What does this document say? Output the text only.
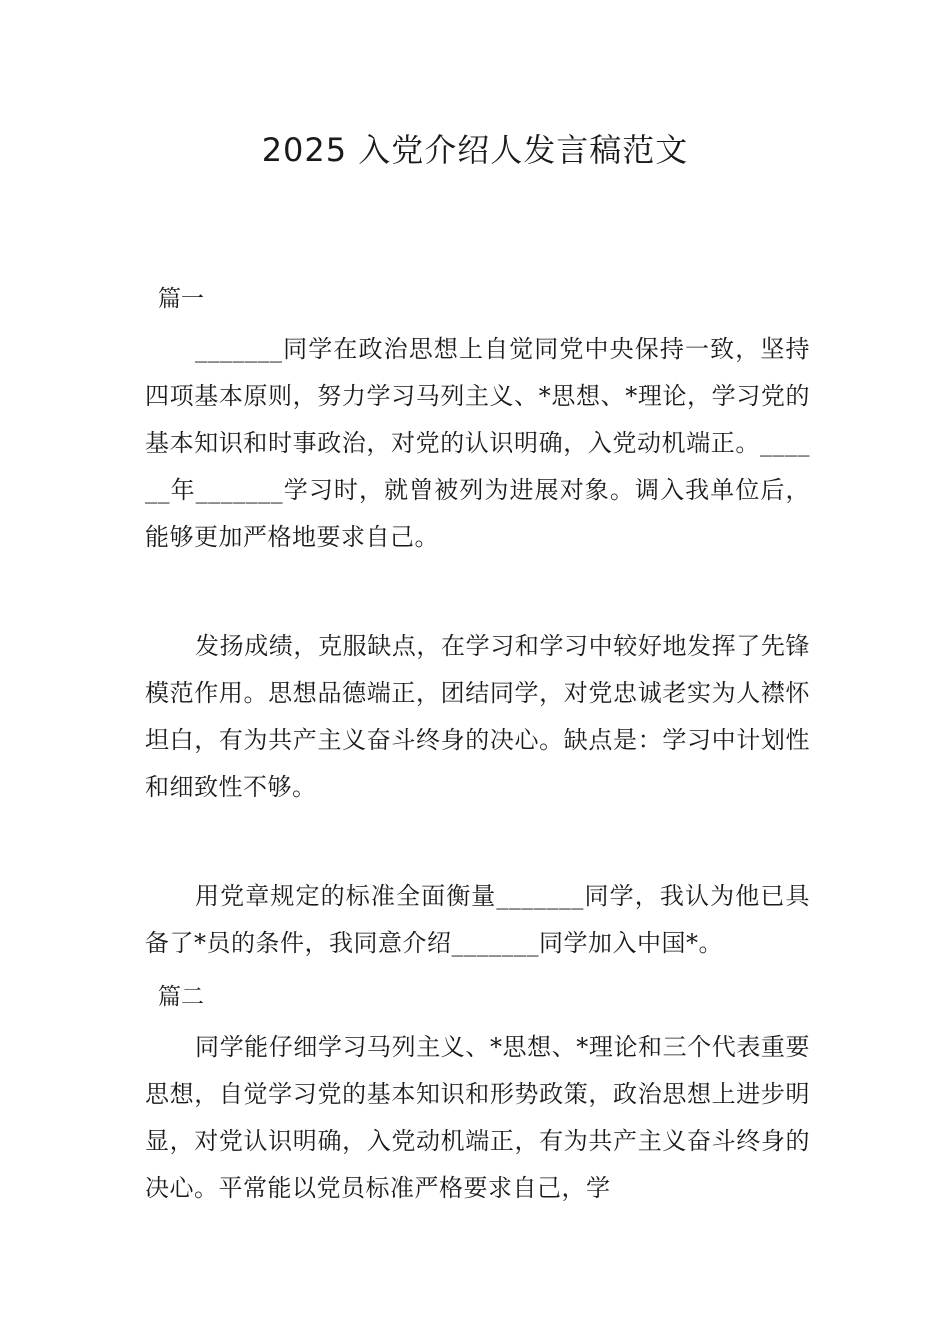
2025 入党介绍人发言稿范文

篇一

_______同学在政治思想上自觉同党中央保持一致，坚持四项基本原则，努力学习马列主义、*思想、*理论，学习党的基本知识和时事政治，对党的认识明确，入党动机端正。______年_______学习时，就曾被列为进展对象。调入我单位后，能够更加严格地要求自己。

发扬成绩，克服缺点，在学习和学习中较好地发挥了先锋模范作用。思想品德端正，团结同学，对党忠诚老实为人襟怀坦白，有为共产主义奋斗终身的决心。缺点是：学习中计划性和细致性不够。

用党章规定的标准全面衡量_______同学，我认为他已具备了*员的条件，我同意介绍_______同学加入中国*。

篇二

同学能仔细学习马列主义、*思想、*理论和三个代表重要思想，自觉学习党的基本知识和形势政策，政治思想上进步明显，对党认识明确，入党动机端正，有为共产主义奋斗终身的决心。平常能以党员标准严格要求自己，学
